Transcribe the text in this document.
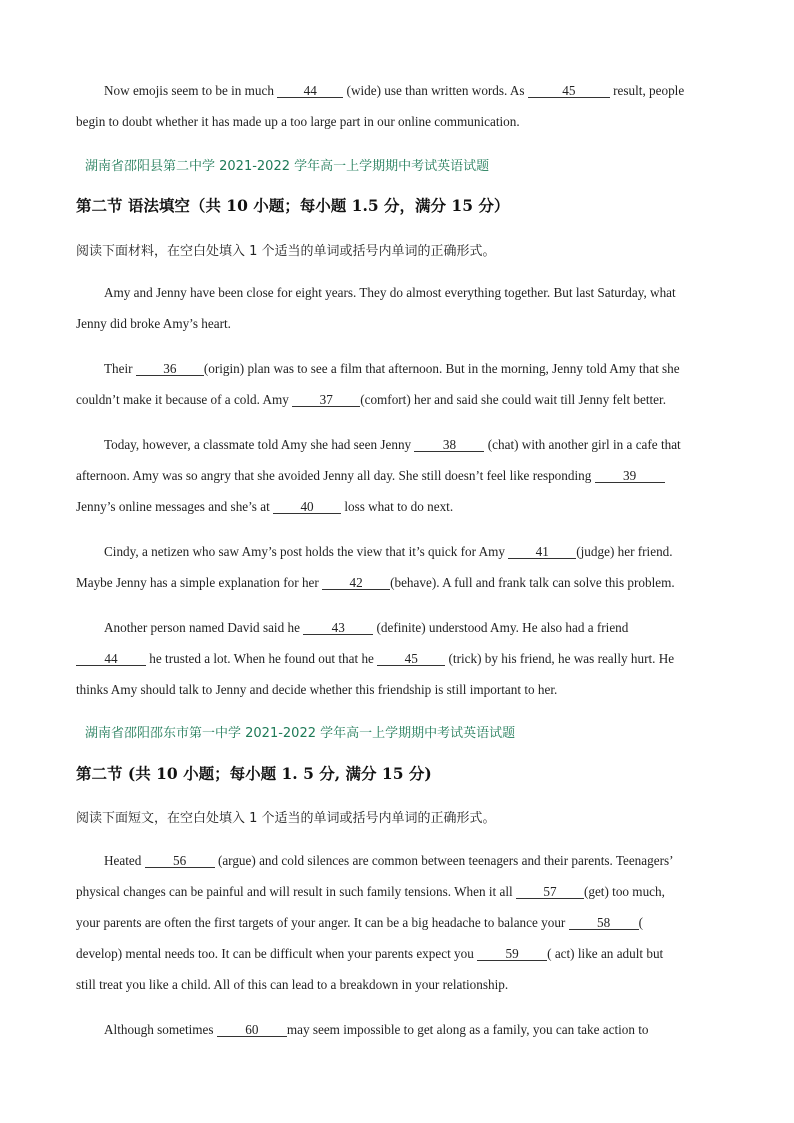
Now emojis seem to be in much 44 (wide) use than written words. As	45	result, people
begin to doubt whether it has made up a too large part in our online communication.
湖南省邵阳县第二中学 2021-2022 学年高一上学期期中考试英语试题
第二节 语法填空（共 10 小题；每小题 1.5 分，满分 15 分）
阅读下面材料，在空白处填入 1 个适当的单词或括号内单词的正确形式。
Amy and Jenny have been close for eight years. They do almost everything together. But last Saturday, what
Jenny did broke Amy’s heart.
Their 36 (origin) plan was to see a film that afternoon. But in the morning, Jenny told Amy that she
couldn’t make it because of a cold. Amy 37 (comfort) her and said she could wait till Jenny felt better.
Today, however, a classmate told Amy she had seen Jenny 38 (chat) with another girl in a cafe that
afternoon. Amy was so angry that she avoided Jenny all day. She still doesn’t feel like responding 39
Jenny’s online messages and she’s at 40 loss what to do next.
Cindy, a netizen who saw Amy’s post holds the view that it’s quick for Amy 41 (judge) her friend.
Maybe Jenny has a simple explanation for her 42 (behave). A full and frank talk can solve this problem.
Another person named David said he 43 (definite) understood Amy. He also had a friend
44 he trusted a lot. When he found out that he 45 (trick) by his friend, he was really hurt. He
thinks Amy should talk to Jenny and decide whether this friendship is still important to her.
湖南省邵阳邵东市第一中学 2021-2022 学年高一上学期期中考试英语试题
第二节 (共 10 小题；每小题 1. 5 分, 满分 15 分)
阅读下面短文，在空白处填入 1 个适当的单词或括号内单词的正确形式。
Heated 56 (argue) and cold silences are common between teenagers and their parents. Teenagers’
physical changes can be painful and will result in such family tensions. When it all 57 (get) too much,
your parents are often the first targets of your anger. It can be a big headache to balance your 58 (
develop) mental needs too. It can be difficult when your parents expect you 59 ( act) like an adult but
still treat you like a child. All of this can lead to a breakdown in your relationship.
Although sometimes 60 may seem impossible to get along as a family, you can take action to
